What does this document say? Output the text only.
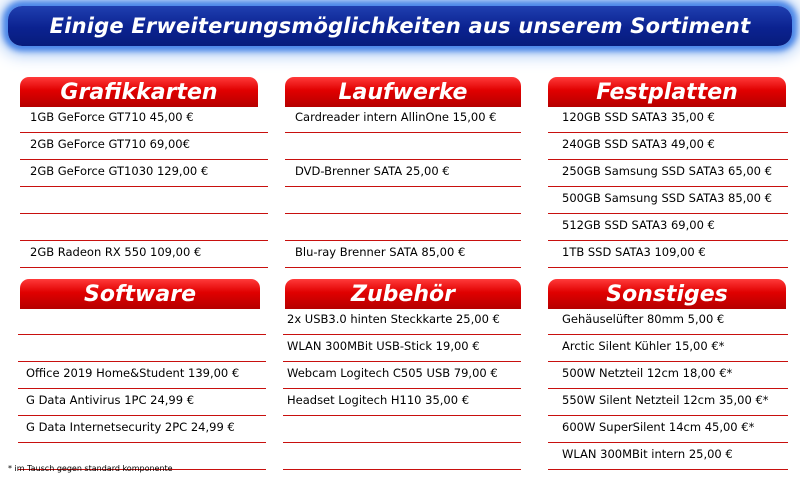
Einige Erweiterungsmöglichkeiten aus unserem Sortiment
Grafikkarten
1GB GeForce GT710 45,00 €
2GB GeForce GT710 69,00€
2GB GeForce GT1030 129,00 €
2GB Radeon RX 550 109,00 €
Laufwerke
Cardreader intern AllinOne 15,00 €
DVD-Brenner SATA 25,00 €
Blu-ray Brenner SATA 85,00 €
Festplatten
120GB SSD SATA3 35,00 €
240GB SSD SATA3 49,00 €
250GB Samsung SSD SATA3 65,00 €
500GB Samsung SSD SATA3 85,00 €
512GB SSD SATA3 69,00 €
1TB SSD SATA3 109,00 €
Software
Office 2019 Home&Student 139,00 €
G Data Antivirus 1PC 24,99 €
G Data Internetsecurity 2PC 24,99 €
Zubehör
2x USB3.0 hinten Steckkarte 25,00 €
WLAN 300MBit USB-Stick 19,00 €
Webcam Logitech C505 USB 79,00 €
Headset Logitech H110 35,00 €
Sonstiges
Gehäuselüfter 80mm 5,00 €
Arctic Silent Kühler 15,00 €*
500W Netzteil 12cm 18,00 €*
550W Silent Netzteil 12cm 35,00 €*
600W SuperSilent 14cm 45,00 €*
WLAN 300MBit intern 25,00 €
* im Tausch gegen standard komponente
